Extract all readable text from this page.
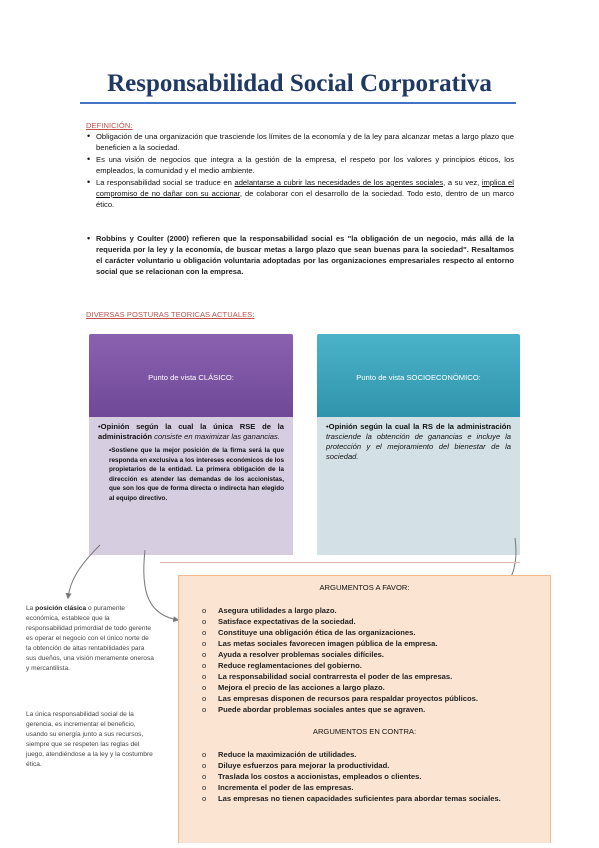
Responsabilidad Social Corporativa
DEFINICIÓN:
• Obligación de una organización que trasciende los límites de la economía y de la ley para alcanzar metas a largo plazo que beneficien a la sociedad.
• Es una visión de negocios que integra a la gestión de la empresa, el respeto por los valores y principios éticos, los empleados, la comunidad y el medio ambiente.
• La responsabilidad social se traduce en adelantarse a cubrir las necesidades de los agentes sociales, a su vez, implica el compromiso de no dañar con su accionar, de colaborar con el desarrollo de la sociedad. Todo esto, dentro de un marco ético.
• Robbins y Coulter (2000) refieren que la responsabilidad social es "la obligación de un negocio, más allá de la requerida por la ley y la economía, de buscar metas a largo plazo que sean buenas para la sociedad". Resaltamos el carácter voluntario u obligación voluntaria adoptadas por las organizaciones empresariales respecto al entorno social que se relacionan con la empresa.
DIVERSAS POSTURAS TEORICAS ACTUALES:
Punto de vista CLÁSICO:

•Opinión según la cual la única RSE de la administración consiste en maximizar las ganancias.

•Sostiene que la mejor posición de la firma será la que responda en exclusiva a los intereses económicos de los propietarios de la entidad. La primera obligación de la dirección es atender las demandas de los accionistas, que son los que de forma directa o indirecta han elegido al equipo directivo.

Punto de vista SOCIOECONÓMICO:

•Opinión según la cual la RS de la administración trasciende la obtención de ganancias e incluye la protección y el mejoramiento del bienestar de la sociedad.

La posición clásica o puramente económica, establece que la responsabilidad primordial de todo gerente es operar el negocio con el único norte de la obtención de altas rentabilidades para sus dueños, una visión meramente onerosa y mercantilista.
La única responsabilidad social de la gerencia, es incrementar el beneficio, usando su energía junto a sus recursos, siempre que se respeten las reglas del juego, atendiéndose a la ley y la costumbre ética.
ARGUMENTOS A FAVOR:
o Asegura utilidades a largo plazo.
o Satisface expectativas de la sociedad.
o Constituye una obligación ética de las organizaciones.
o Las metas sociales favorecen imagen pública de la empresa.
o Ayuda a resolver problemas sociales difíciles.
o Reduce reglamentaciones del gobierno.
o La responsabilidad social contrarresta el poder de las empresas.
o Mejora el precio de las acciones a largo plazo.
o Las empresas disponen de recursos para respaldar proyectos públicos.
o Puede abordar problemas sociales antes que se agraven.
ARGUMENTOS EN CONTRA:
o Reduce la maximización de utilidades.
o Diluye esfuerzos para mejorar la productividad.
o Traslada los costos a accionistas, empleados o clientes.
o Incrementa el poder de las empresas.
o Las empresas no tienen capacidades suficientes para abordar temas sociales.
